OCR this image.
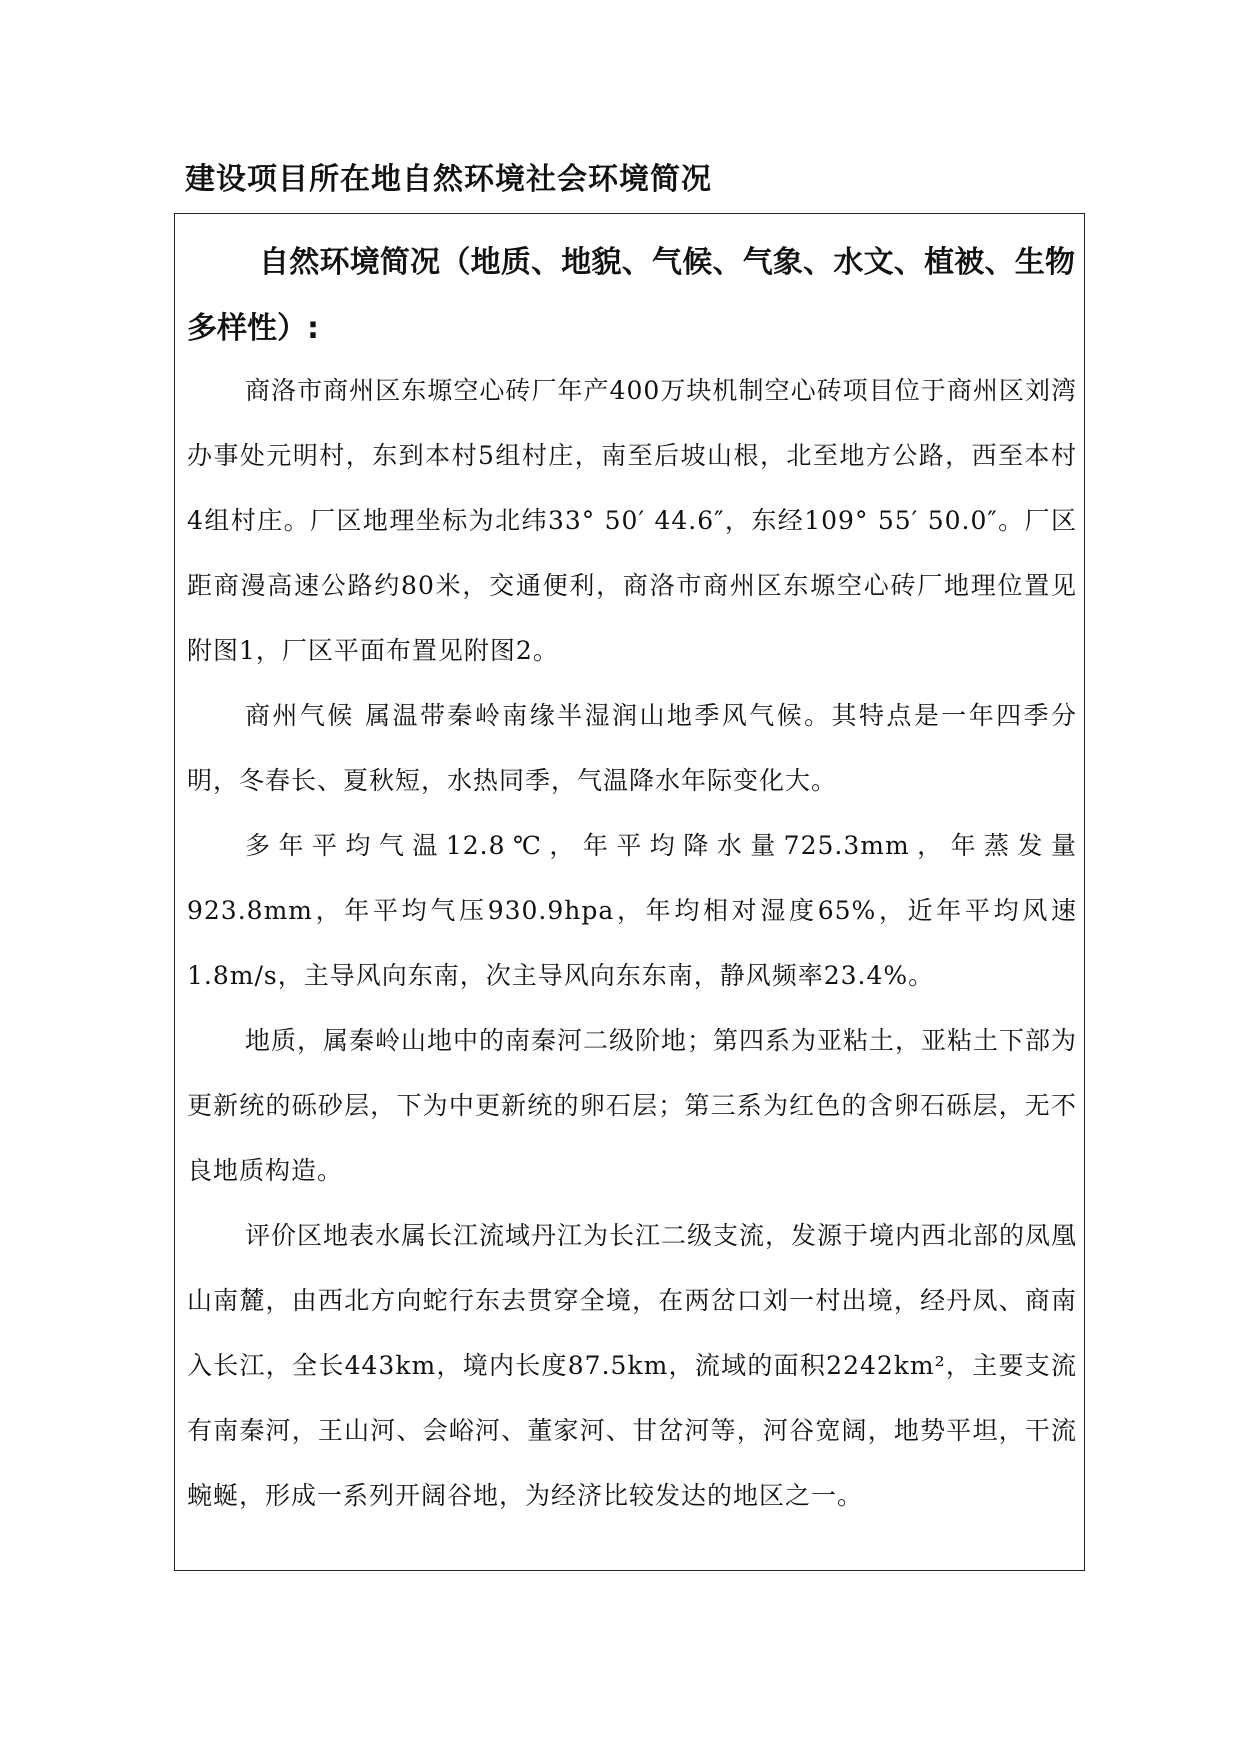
建设项目所在地自然环境社会环境简况
自然环境简况（地质、地貌、气候、气象、水文、植被、生物多样性）:

商洛市商州区东塬空心砖厂年产400万块机制空心砖项目位于商州区刘湾办事处元明村，东到本村5组村庄，南至后坡山根，北至地方公路，西至本村4组村庄。厂区地理坐标为北纬33° 50′ 44.6″，东经109° 55′ 50.0″。厂区距商漫高速公路约80米，交通便利，商洛市商州区东塬空心砖厂地理位置见附图1，厂区平面布置见附图2。

商州气候 属温带秦岭南缘半湿润山地季风气候。其特点是一年四季分明，冬春长、夏秋短，水热同季，气温降水年际变化大。

多年平均气温12.8℃，年平均降水量725.3mm，年蒸发量923.8mm，年平均气压930.9hpa，年均相对湿度65%，近年平均风速1.8m/s，主导风向东南，次主导风向东东南，静风频率23.4%。

地质，属秦岭山地中的南秦河二级阶地；第四系为亚粘土，亚粘土下部为更新统的砾砂层，下为中更新统的卵石层；第三系为红色的含卵石砾层，无不良地质构造。

评价区地表水属长江流域丹江为长江二级支流，发源于境内西北部的凤凰山南麓，由西北方向蛇行东去贯穿全境，在两岔口刘一村出境，经丹凤、商南入长江，全长443km，境内长度87.5km，流域的面积2242km²，主要支流有南秦河，王山河、会峪河、董家河、甘岔河等，河谷宽阔，地势平坦，干流蜿蜒，形成一系列开阔谷地，为经济比较发达的地区之一。
